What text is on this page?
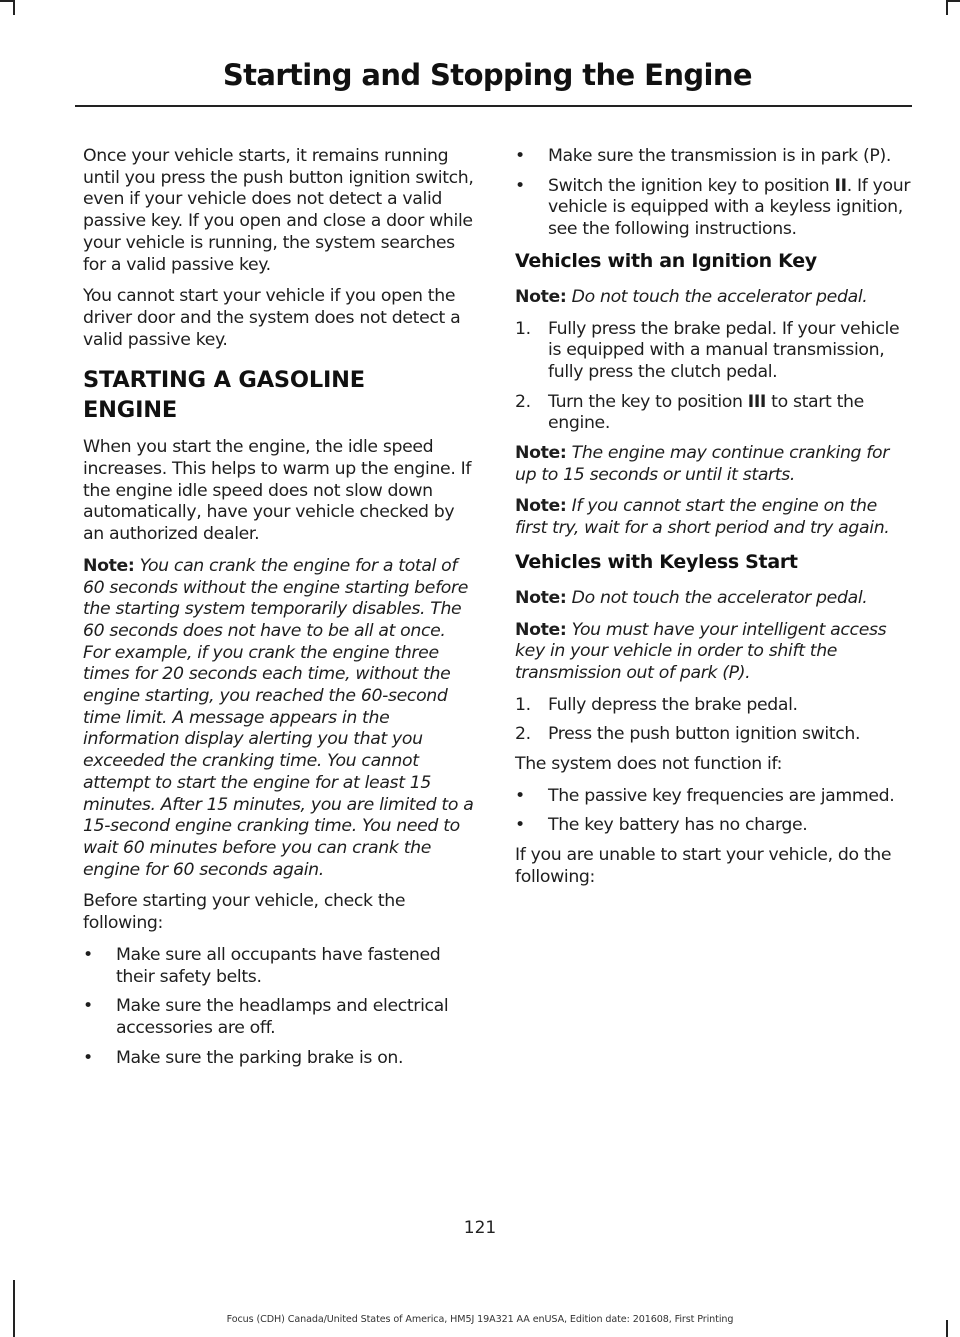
Starting and Stopping the Engine

Once your vehicle starts, it remains running until you press the push button ignition switch, even if your vehicle does not detect a valid passive key. If you open and close a door while your vehicle is running, the system searches for a valid passive key.

You cannot start your vehicle if you open the driver door and the system does not detect a valid passive key.

STARTING A GASOLINE
ENGINE

When you start the engine, the idle speed increases. This helps to warm up the engine. If the engine idle speed does not slow down automatically, have your vehicle checked by an authorized dealer.

Note: You can crank the engine for a total of 60 seconds without the engine starting before the starting system temporarily disables. The 60 seconds does not have to be all at once. For example, if you crank the engine three times for 20 seconds each time, without the engine starting, you reached the 60-second time limit. A message appears in the information display alerting you that you exceeded the cranking time. You cannot attempt to start the engine for at least 15 minutes. After 15 minutes, you are limited to a 15-second engine cranking time. You need to wait 60 minutes before you can crank the engine for 60 seconds again.

Before starting your vehicle, check the following:

• Make sure all occupants have fastened their safety belts.
• Make sure the headlamps and electrical accessories are off.
• Make sure the parking brake is on.
• Make sure the transmission is in park (P).
• Switch the ignition key to position II. If your vehicle is equipped with a keyless ignition, see the following instructions.
Vehicles with an Ignition Key

Note: Do not touch the accelerator pedal.

1. Fully press the brake pedal. If your vehicle is equipped with a manual transmission, fully press the clutch pedal.
2. Turn the key to position III to start the engine.

Note: The engine may continue cranking for up to 15 seconds or until it starts.

Note: If you cannot start the engine on the first try, wait for a short period and try again.

Vehicles with Keyless Start

Note: Do not touch the accelerator pedal.

Note: You must have your intelligent access key in your vehicle in order to shift the transmission out of park (P).

1. Fully depress the brake pedal.
2. Press the push button ignition switch.

The system does not function if:

• The passive key frequencies are jammed.
• The key battery has no charge.

If you are unable to start your vehicle, do the following:

121
Focus (CDH) Canada/United States of America, HM5J 19A321 AA enUSA, Edition date: 201608, First Printing
